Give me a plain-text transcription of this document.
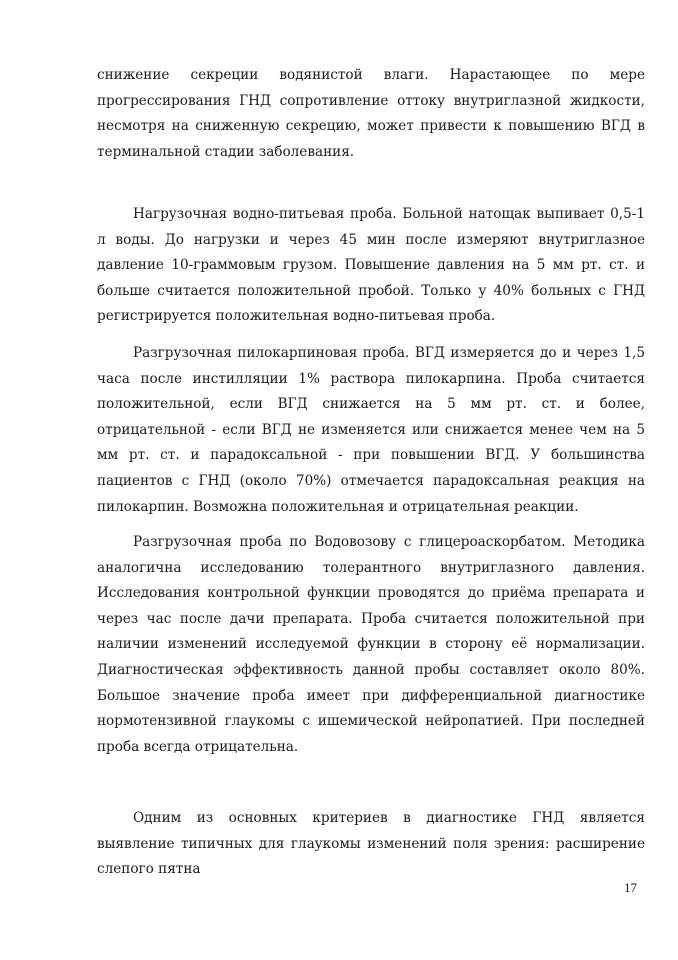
снижение секреции водянистой влаги. Нарастающее по мере прогрессирования ГНД сопротивление оттоку внутриглазной жидкости, несмотря на сниженную секрецию, может привести к повышению ВГД в терминальной стадии заболевания.

Нагрузочная водно-питьевая проба. Больной натощак выпивает 0,5-1 л воды. До нагрузки и через 45 мин после измеряют внутриглазное давление 10-граммовым грузом. Повышение давления на 5 мм рт. ст. и больше считается положительной пробой. Только у 40% больных с ГНД регистрируется положительная водно-питьевая проба.

Разгрузочная пилокарпиновая проба. ВГД измеряется до и через 1,5 часа после инстилляции 1% раствора пилокарпина. Проба считается положительной, если ВГД снижается на 5 мм рт. ст. и более, отрицательной - если ВГД не изменяется или снижается менее чем на 5 мм рт. ст. и парадоксальной - при повышении ВГД. У большинства пациентов с ГНД (около 70%) отмечается парадоксальная реакция на пилокарпин. Возможна положительная и отрицательная реакции.

Разгрузочная проба по Водовозову с глицероаскорбатом. Методика аналогична исследованию толерантного внутриглазного давления. Исследования контрольной функции проводятся до приёма препарата и через час после дачи препарата. Проба считается положительной при наличии изменений исследуемой функции в сторону её нормализации. Диагностическая эффективность данной пробы составляет около 80%. Большое значение проба имеет при дифференциальной диагностике нормотензивной глаукомы с ишемической нейропатией. При последней проба всегда отрицательна.

Одним из основных критериев в диагностике ГНД является выявление типичных для глаукомы изменений поля зрения: расширение слепого пятна

17
